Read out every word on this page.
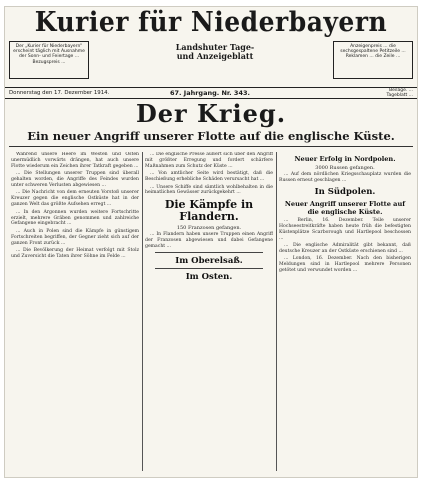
Kurier für Niederbayern
Der „Kurier für Niederbayern“ erscheint täglich mit Ausnahme der Sonn- und Feiertage ... Bezugspreis ...
Landshuter Tage-
und Anzeigeblatt
Anzeigenpreis ... die sechsgespaltene Petitzeile ... Reklamen ... die Zeile ...
Donnerstag den 17. Dezember 1914.	67. Jahrgang. Nr. 343.	Beilage. ...
Tageblatt ...
Der Krieg.
Ein neuer Angriff unserer Flotte auf die englische Küste.

Während unsere Heere im Westen und Osten unermüdlich vorwärts drängen, hat auch unsere Flotte wiederum ein Zeichen ihrer Tatkraft gegeben ...

... Die Stellungen unserer Truppen sind überall gehalten worden, die Angriffe des Feindes wurden unter schweren Verlusten abgewiesen ...

... Die Nachricht von dem erneuten Vorstoß unserer Kreuzer gegen die englische Ostküste hat in der ganzen Welt das größte Aufsehen erregt ...

... In den Argonnen wurden weitere Fortschritte erzielt, mehrere Gräben genommen und zahlreiche Gefangene eingebracht ...

... Auch in Polen sind die Kämpfe in günstigem Fortschreiten begriffen, der Gegner zieht sich auf der ganzen Front zurück ...

... Die Bevölkerung der Heimat verfolgt mit Stolz und Zuversicht die Taten ihrer Söhne im Felde ...

... Die englische Presse äußert sich über den Angriff mit größter Erregung und fordert schärfere Maßnahmen zum Schutz der Küste ...

... Von amtlicher Seite wird bestätigt, daß die Beschießung erhebliche Schäden verursacht hat ...

... Unsere Schiffe sind sämtlich wohlbehalten in die heimatlichen Gewässer zurückgekehrt ...

Die Kämpfe in Flandern.
150 Franzosen gefangen.

... In Flandern haben unsere Truppen einen Angriff der Franzosen abgewiesen und dabei Gefangene gemacht ...

Im Oberelsaß.
Im Osten.
Neuer Erfolg in Nordpolen.
3000 Russen gefangen.

... Auf dem nördlichen Kriegsschauplatz wurden die Russen erneut geschlagen ...

In Südpolen.
Neuer Angriff unserer Flotte auf die englische Küste.

... Berlin, 16. Dezember. Teile unserer Hochseestreitkräfte haben heute früh die befestigten Küstenplätze Scarborough und Hartlepool beschossen ...

... Die englische Admiralität gibt bekannt, daß deutsche Kreuzer an der Ostküste erschienen sind ...

... London, 16. Dezember. Nach den bisherigen Meldungen sind in Hartlepool mehrere Personen getötet und verwundet worden ...
